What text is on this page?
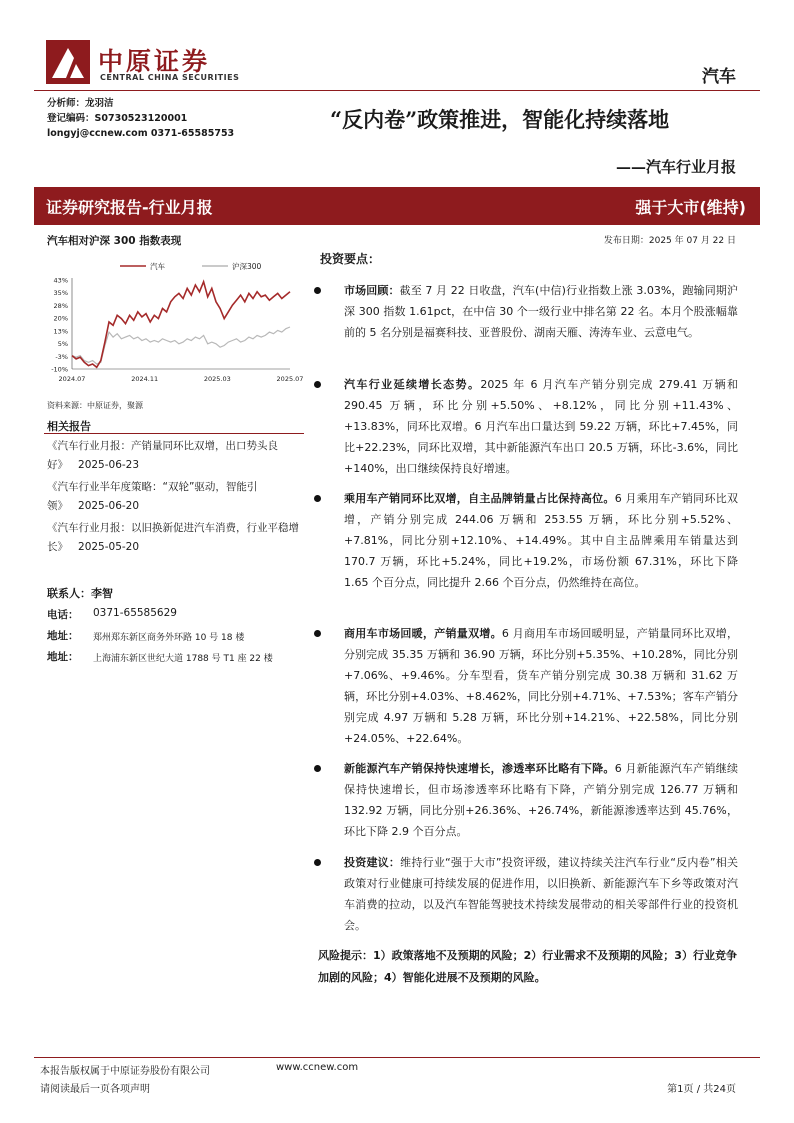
中原证券
CENTRAL CHINA SECURITIES	汽车
分析师：龙羽洁
登记编码：S0730523120001
longyj@ccnew.com 0371-65585753
“反内卷”政策推进，智能化持续落地
——汽车行业月报
证券研究报告-行业月报	强于大市(维持)
汽车相对沪深 300 指数表现
43%
35%
28%
20%
13%
5%
-3%
-10%
2024.07	2024.11	2025.03	2025.07
汽车	沪深300
资料来源：中原证券，聚源
相关报告
《汽车行业月报：产销量同环比双增，出口势头良好》 2025-06-23
《汽车行业半年度策略：“双轮”驱动，智能引领》 2025-06-20
《汽车行业月报：以旧换新促进汽车消费，行业平稳增长》 2025-05-20
联系人：李智
电话： 0371-65585629
地址： 郑州郑东新区商务外环路 10 号 18 楼
地址： 上海浦东新区世纪大道 1788 号 T1 座 22 楼
发布日期：2025 年 07 月 22 日
投资要点：
市场回顾：截至 7 月 22 日收盘，汽车(中信)行业指数上涨 3.03%，跑输同期沪深 300 指数 1.61pct，在中信 30 个一级行业中排名第 22 名。本月个股涨幅靠前的 5 名分别是福赛科技、亚普股份、湖南天雁、涛涛车业、云意电气。
汽车行业延续增长态势。2025 年 6 月汽车产销分别完成 279.41 万辆和 290.45 万辆，环比分别+5.50%、+8.12%，同比分别+11.43%、+13.83%，同环比双增。6 月汽车出口量达到 59.22 万辆，环比+7.45%，同比+22.23%，同环比双增，其中新能源汽车出口 20.5 万辆，环比-3.6%，同比+140%，出口继续保持良好增速。
乘用车产销同环比双增，自主品牌销量占比保持高位。6 月乘用车产销同环比双增，产销分别完成 244.06 万辆和 253.55 万辆，环比分别+5.52%、+7.81%，同比分别+12.10%、+14.49%。其中自主品牌乘用车销量达到 170.7 万辆，环比+5.24%，同比+19.2%，市场份额 67.31%，环比下降 1.65 个百分点，同比提升 2.66 个百分点，仍然维持在高位。
商用车市场回暖，产销量双增。6 月商用车市场回暖明显，产销量同环比双增，分别完成 35.35 万辆和 36.90 万辆，环比分别+5.35%、+10.28%，同比分别+7.06%、+9.46%。分车型看，货车产销分别完成 30.38 万辆和 31.62 万辆，环比分别+4.03%、+8.462%，同比分别+4.71%、+7.53%；客车产销分别完成 4.97 万辆和 5.28 万辆，环比分别+14.21%、+22.58%，同比分别+24.05%、+22.64%。
新能源汽车产销保持快速增长，渗透率环比略有下降。6 月新能源汽车产销继续保持快速增长，但市场渗透率环比略有下降，产销分别完成 126.77 万辆和 132.92 万辆，同比分别+26.36%、+26.74%，新能源渗透率达到 45.76%，环比下降 2.9 个百分点。
投资建议：维持行业“强于大市”投资评级，建议持续关注汽车行业“反内卷”相关政策对行业健康可持续发展的促进作用，以旧换新、新能源汽车下乡等政策对汽车消费的拉动，以及汽车智能驾驶技术持续发展带动的相关零部件行业的投资机会。
风险提示：1）政策落地不及预期的风险；2）行业需求不及预期的风险；3）行业竞争加剧的风险；4）智能化进展不及预期的风险。
本报告版权属于中原证券股份有限公司	www.ccnew.com
请阅读最后一页各项声明	第1页 / 共24页
